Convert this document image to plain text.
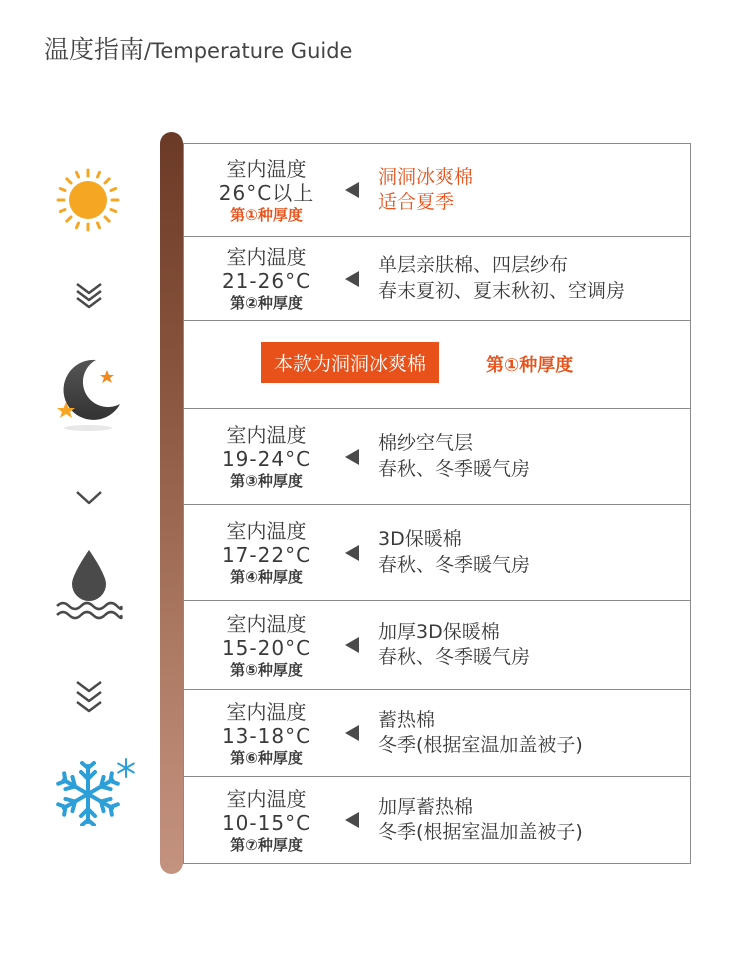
温度指南/Temperature Guide
室内温度
26°C以上
第①种厚度
洞洞冰爽棉
适合夏季
室内温度
21-26°C
第②种厚度
单层亲肤棉、四层纱布
春末夏初、夏末秋初、空调房
本款为洞洞冰爽棉	第①种厚度
室内温度
19-24°C
第③种厚度
棉纱空气层
春秋、冬季暖气房
室内温度
17-22°C
第④种厚度
3D保暖棉
春秋、冬季暖气房
室内温度
15-20°C
第⑤种厚度
加厚3D保暖棉
春秋、冬季暖气房
室内温度
13-18°C
第⑥种厚度
蓄热棉
冬季(根据室温加盖被子)
室内温度
10-15°C
第⑦种厚度
加厚蓄热棉
冬季(根据室温加盖被子)
